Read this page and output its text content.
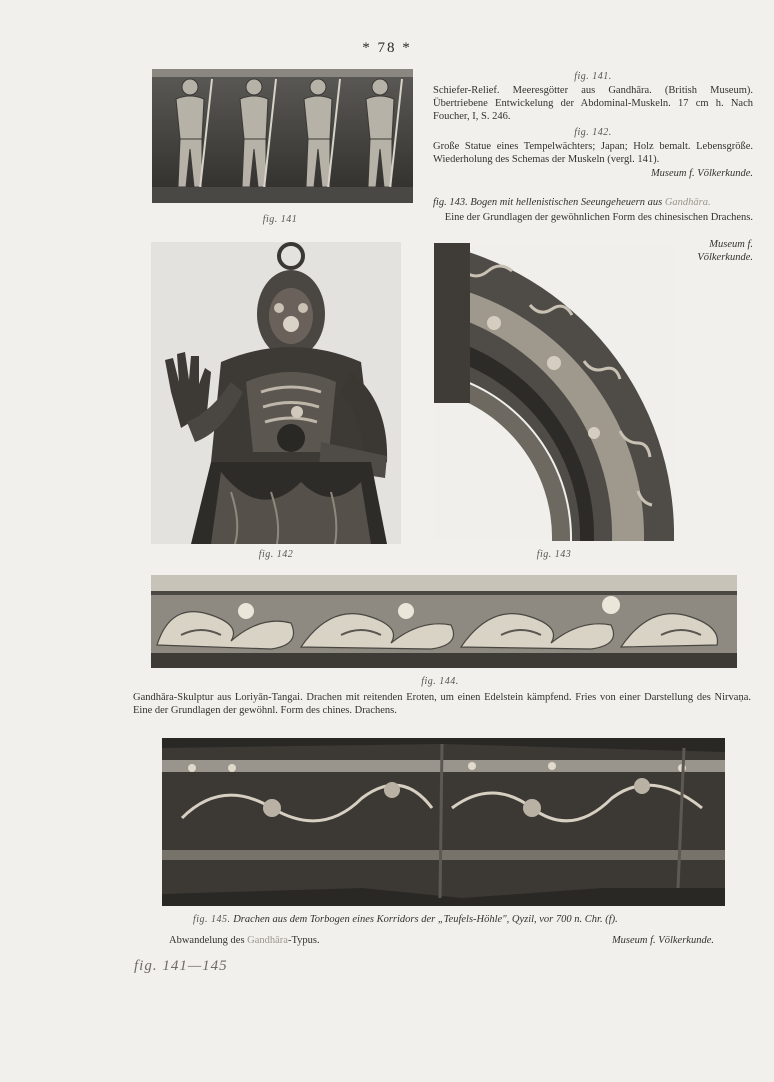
* 78 *
fig. 141
fig. 141.
Schiefer-Relief. Meeresgötter aus Gandhāra. (British Museum). Übertriebene Entwickelung der Abdominal-Muskeln. 17 cm h. Nach Foucher, I, S. 246.
fig. 142.
Große Statue eines Tempelwächters; Japan; Holz bemalt. Lebensgröße. Wiederholung des Schemas der Muskeln (vergl. 141).
Museum f. Völkerkunde.
fig. 143. Bogen mit hellenistischen Seeungeheuern aus Gandhāra.
Eine der Grundlagen der gewöhnlichen Form des chinesischen Drachens.
Museum f.
Völkerkunde.
fig. 142	fig. 143
fig. 144.
Gandhāra-Skulptur aus Loriyān-Tangai. Drachen mit reitenden Eroten, um einen Edelstein kämpfend. Fries von einer Darstellung des Nirvaṇa. Eine der Grundlagen der gewöhnl. Form des chines. Drachens.
fig. 145. Drachen aus dem Torbogen eines Korridors der „Teufels-Höhle", Qyzil, vor 700 n. Chr. (f).
Abwandelung des Gandhāra-Typus.	Museum f. Völkerkunde.
fig. 141—145
